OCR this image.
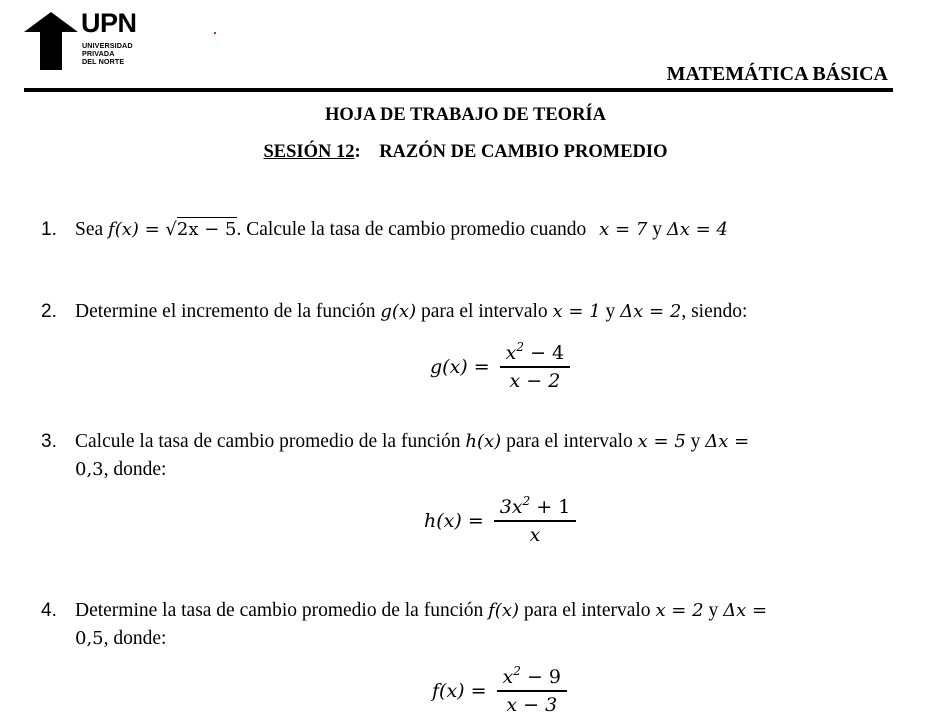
UPN
UNIVERSIDAD
PRIVADA
DEL NORTE
MATEMÁTICA BÁSICA
HOJA DE TRABAJO DE TEORÍA
SESIÓN 12: RAZÓN DE CAMBIO PROMEDIO
1. Sea f(x) = √2x − 5. Calcule la tasa de cambio promedio cuando x = 7 y Δx = 4
2. Determine el incremento de la función g(x) para el intervalo x = 1 y Δx = 2, siendo:
$g(x) = \frac{x^2 - 4}{x - 2}$
3. Calcule la tasa de cambio promedio de la función h(x) para el intervalo x = 5 y Δx =
0,3, donde:
$h(x) = \frac{3x^2 + 1}{x}$
4. Determine la tasa de cambio promedio de la función f(x) para el intervalo x = 2 y Δx =
0,5, donde:
$f(x) = \frac{x^2 - 9}{x - 3}$
